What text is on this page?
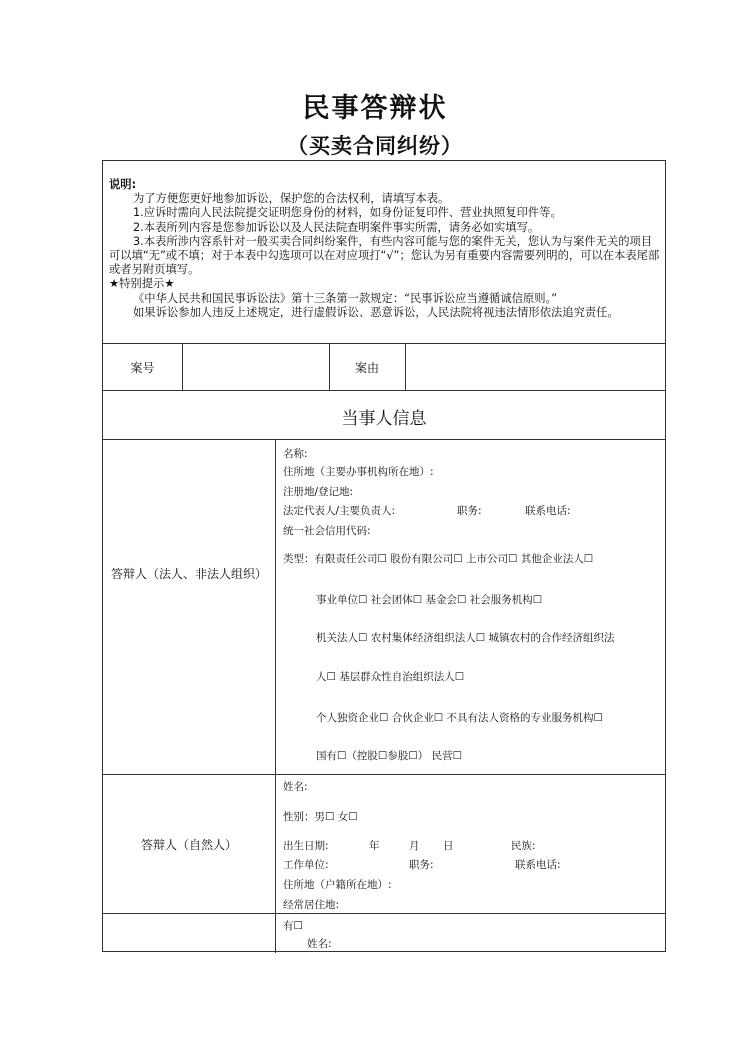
民事答辩状
（买卖合同纠纷）

说明:

为了方便您更好地参加诉讼，保护您的合法权利，请填写本表。

1.应诉时需向人民法院提交证明您身份的材料，如身份证复印件、营业执照复印件等。

2.本表所列内容是您参加诉讼以及人民法院查明案件事实所需，请务必如实填写。

3.本表所涉内容系针对一般买卖合同纠纷案件，有些内容可能与您的案件无关，您认为与案件无关的项目可以填“无”或不填；对于本表中勾选项可以在对应项打“√”；您认为另有重要内容需要列明的，可以在本表尾部或者另附页填写。

★特别提示★

《中华人民共和国民事诉讼法》第十三条第一款规定：“民事诉讼应当遵循诚信原则。”

如果诉讼参加人违反上述规定，进行虚假诉讼、恶意诉讼，人民法院将视违法情形依法追究责任。

案号	案由
当事人信息
答辩人（法人、非法人组织）
名称:
住所地（主要办事机构所在地）:
注册地/登记地:
法定代表人/主要负责人:	职务:	联系电话:
统一社会信用代码:
类型：有限责任公司☐ 股份有限公司☐ 上市公司☐ 其他企业法人☐
事业单位☐ 社会团体☐ 基金会☐ 社会服务机构☐
机关法人☐ 农村集体经济组织法人☐ 城镇农村的合作经济组织法
人☐ 基层群众性自治组织法人☐
个人独资企业☐ 合伙企业☐ 不具有法人资格的专业服务机构☐
国有☐（控股☐参股☐） 民营☐
答辩人（自然人）
姓名:
性别：男☐ 女☐
出生日期:	年	月 日	民族:
工作单位:	职务:	联系电话:
住所地（户籍所在地）:
经常居住地:
有☐
姓名:
